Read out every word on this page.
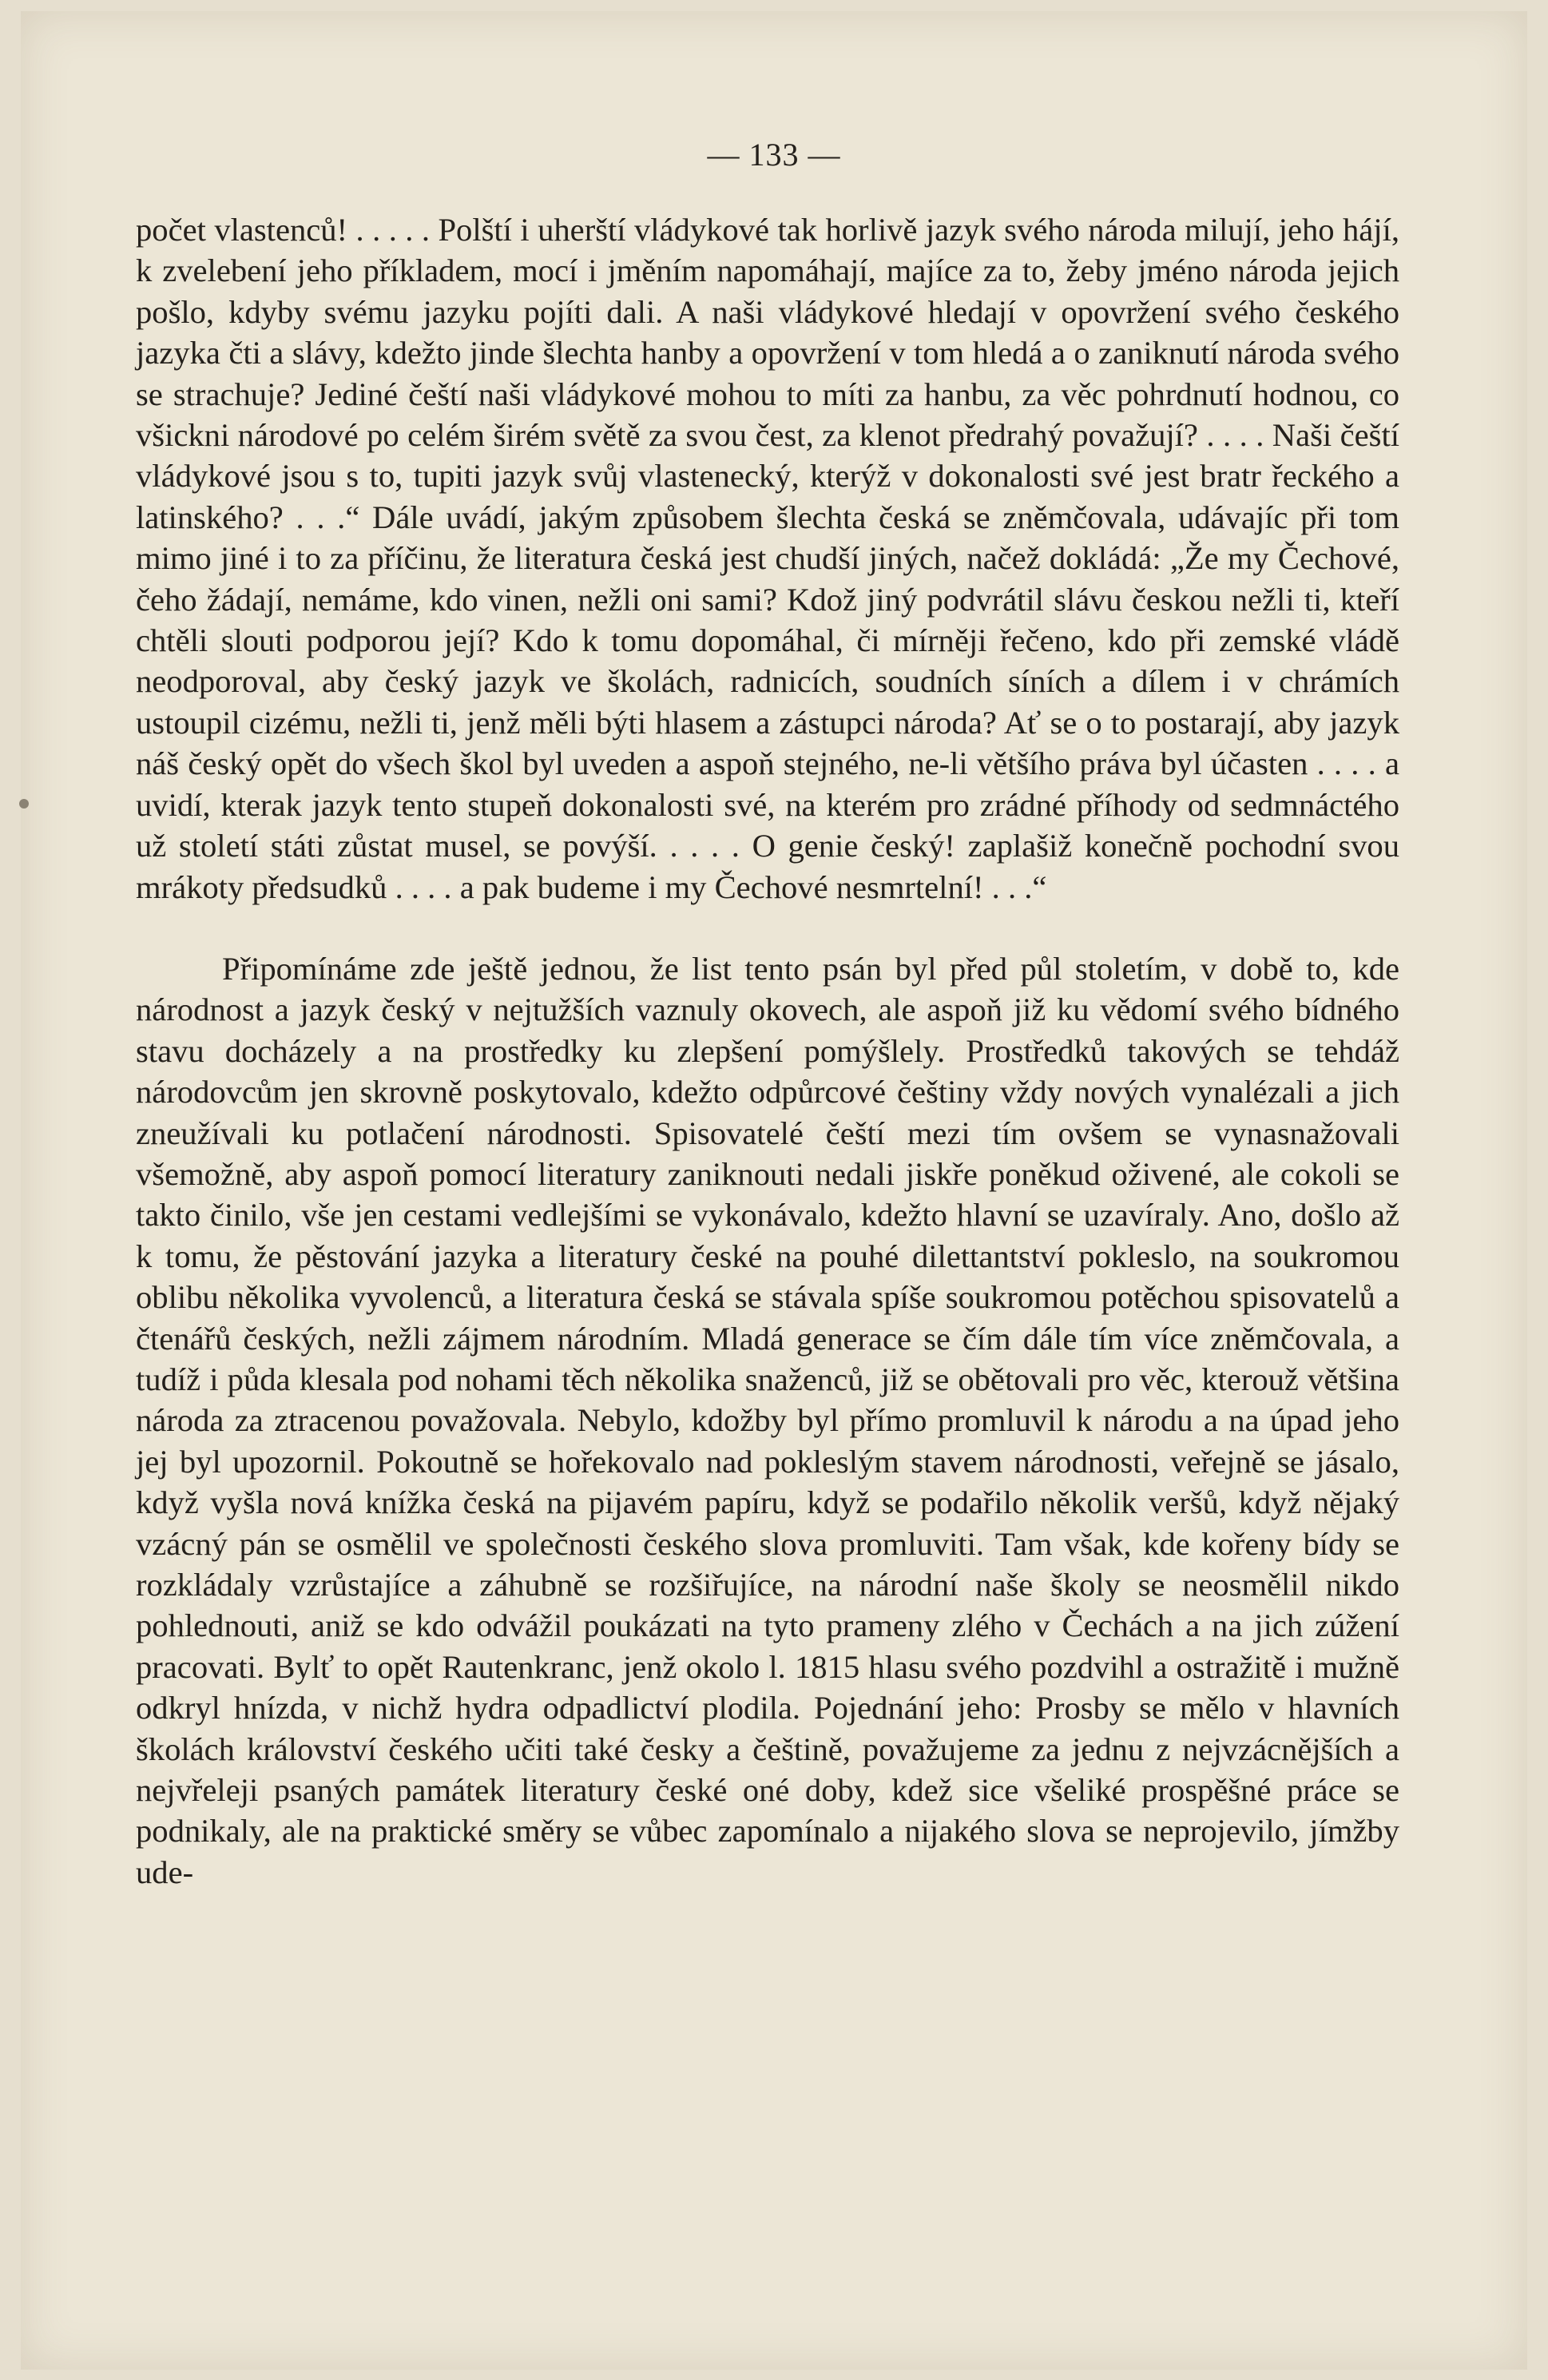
— 133 —

počet vlastenců! . . . . . Polští i uherští vládykové tak horlivě jazyk svého národa milují, jeho hájí, k zvelebení jeho příkladem, mocí i jměním napomáhají, majíce za to, žeby jméno národa jejich pošlo, kdyby svému jazyku pojíti dali. A naši vládykové hledají v opovržení svého českého jazyka čti a slávy, kdežto jinde šlechta hanby a opovržení v tom hledá a o zaniknutí národa svého se strachuje? Jediné čeští naši vládykové mohou to míti za hanbu, za věc pohrdnutí hodnou, co všickni národové po celém širém světě za svou čest, za klenot předrahý považují? . . . . Naši čeští vládykové jsou s to, tupiti jazyk svůj vlastenecký, kterýž v dokonalosti své jest bratr řeckého a latinského? . . .“ Dále uvádí, jakým způsobem šlechta česká se zněmčovala, udávajíc při tom mimo jiné i to za příčinu, že literatura česká jest chudší jiných, načež dokládá: „Že my Čechové, čeho žádají, nemáme, kdo vinen, nežli oni sami? Kdož jiný podvrátil slávu českou nežli ti, kteří chtěli slouti podporou její? Kdo k tomu dopomáhal, či mírněji řečeno, kdo při zemské vládě neodporoval, aby český jazyk ve školách, radnicích, soudních síních a dílem i v chrámích ustoupil cizému, nežli ti, jenž měli býti hlasem a zástupci národa? Ať se o to postarají, aby jazyk náš český opět do všech škol byl uveden a aspoň stejného, ne-li většího práva byl účasten . . . . a uvidí, kterak jazyk tento stupeň dokonalosti své, na kterém pro zrádné příhody od sedmnáctého už století státi zůstat musel, se povýší. . . . . O genie český! zaplašiž konečně pochodní svou mrákoty předsudků . . . . a pak budeme i my Čechové nesmrtelní! . . .“

Připomínáme zde ještě jednou, že list tento psán byl před půl stoletím, v době to, kde národnost a jazyk český v nejtužších vaznuly okovech, ale aspoň již ku vědomí svého bídného stavu docházely a na prostředky ku zlepšení pomýšlely. Prostředků takových se tehdáž národovcům jen skrovně poskytovalo, kdežto odpůrcové češtiny vždy nových vynalézali a jich zneužívali ku potlačení národnosti. Spisovatelé čeští mezi tím ovšem se vynasnažovali všemožně, aby aspoň pomocí literatury zaniknouti nedali jiskře poněkud oživené, ale cokoli se takto činilo, vše jen cestami vedlejšími se vykonávalo, kdežto hlavní se uzavíraly. Ano, došlo až k tomu, že pěstování jazyka a literatury české na pouhé dilettantství pokleslo, na soukromou oblibu několika vyvolenců, a literatura česká se stávala spíše soukromou potěchou spisovatelů a čtenářů českých, nežli zájmem národním. Mladá generace se čím dále tím více zněmčovala, a tudíž i půda klesala pod nohami těch několika snaženců, již se obětovali pro věc, kterouž většina národa za ztracenou považovala. Nebylo, kdožby byl přímo promluvil k národu a na úpad jeho jej byl upozornil. Pokoutně se hořekovalo nad pokleslým stavem národnosti, veřejně se jásalo, když vyšla nová knížka česká na pijavém papíru, když se podařilo několik veršů, když nějaký vzácný pán se osmělil ve společnosti českého slova promluviti. Tam však, kde kořeny bídy se rozkládaly vzrůstajíce a záhubně se rozšiřujíce, na národní naše školy se neosmělil nikdo pohlednouti, aniž se kdo odvážil poukázati na tyto prameny zlého v Čechách a na jich zúžení pracovati. Bylť to opět Rautenkranc, jenž okolo l. 1815 hlasu svého pozdvihl a ostražitě i mužně odkryl hnízda, v nichž hydra odpadlictví plodila. Pojednání jeho: Prosby se mělo v hlavních školách království českého učiti také česky a češtině, považujeme za jednu z nejvzácnějších a nejvřeleji psaných památek literatury české oné doby, kdež sice všeliké prospěšné práce se podnikaly, ale na praktické směry se vůbec zapomínalo a nijakého slova se neprojevilo, jímžby ude-
